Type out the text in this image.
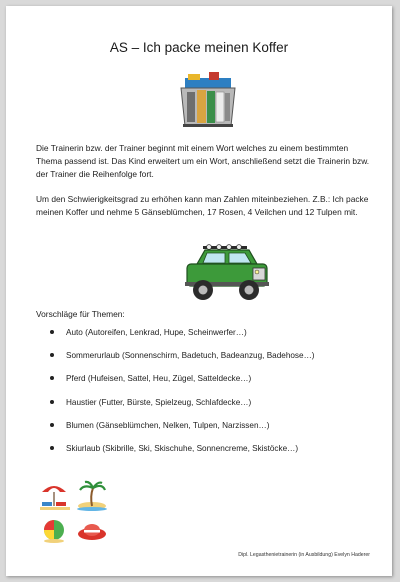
AS – Ich packe meinen Koffer

Die Trainerin bzw. der Trainer beginnt mit einem Wort welches zu einem bestimmten Thema passend ist. Das Kind erweitert um ein Wort, anschließend setzt die Trainerin bzw. der Trainer die Reihenfolge fort.

Um den Schwierigkeitsgrad zu erhöhen kann man Zahlen miteinbeziehen. Z.B.: Ich packe meinen Koffer und nehme 5 Gänseblümchen, 17 Rosen, 4 Veilchen und 12 Tulpen mit.

Vorschläge für Themen:
Auto (Autoreifen, Lenkrad, Hupe, Scheinwerfer…)
Sommerurlaub (Sonnenschirm, Badetuch, Badeanzug, Badehose…)
Pferd (Hufeisen, Sattel, Heu, Zügel, Satteldecke…)
Haustier (Futter, Bürste, Spielzeug, Schlafdecke…)
Blumen (Gänseblümchen, Nelken, Tulpen, Narzissen…)
Skiurlaub (Skibrille, Ski, Skischuhe, Sonnencreme, Skistöcke…)
Dipl. Legasthenietrainerin (in Ausbildung) Evelyn Haderer
